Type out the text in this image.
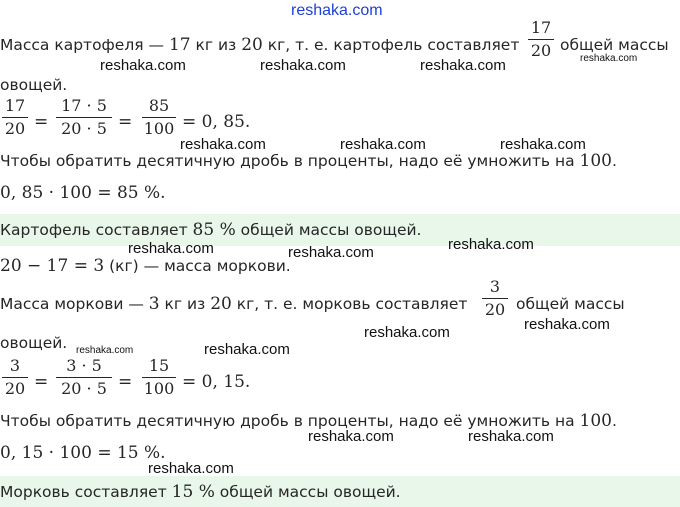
reshaka.com
reshaka.com	reshaka.com	reshaka.com	reshaka.com
reshaka.com	reshaka.com	reshaka.com
reshaka.com	reshaka.com	reshaka.com
reshaka.com	reshaka.com
reshaka.com	reshaka.com
reshaka.com	reshaka.com
reshaka.com
Масса картофеля — 17 кг из 20 кг, т. е. картофель составляет
17
20 общей массы
овощей.
17
20 =
17 · 5
20 · 5 =
85
100 = 0, 85.
Чтобы обратить десятичную дробь в проценты, надо её умножить на 100.
0, 85 · 100 = 85 %.
Картофель составляет 85 % общей массы овощей.
20 − 17 = 3 (кг) — масса моркови.
Масса моркови — 3 кг из 20 кг, т. е. морковь составляет
3
20 общей массы
овощей.
3
20 =
3 · 5
20 · 5 =
15
100 = 0, 15.
Чтобы обратить десятичную дробь в проценты, надо её умножить на 100.
0, 15 · 100 = 15 %.
Морковь составляет 15 % общей массы овощей.
